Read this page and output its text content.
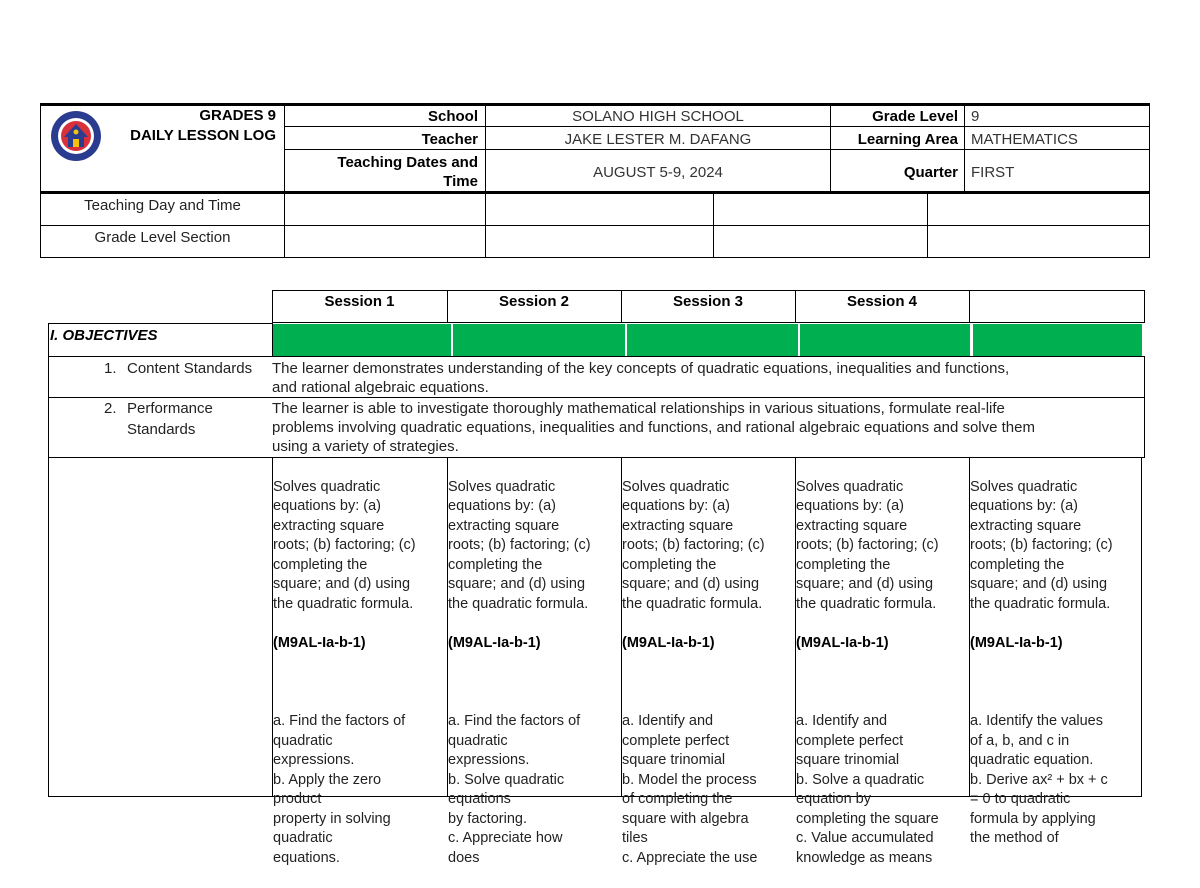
GRADES 9
DAILY LESSON LOG
School	SOLANO HIGH SCHOOL	Grade Level 9
Teacher	JAKE LESTER M. DAFANG	Learning Area MATHEMATICS
Teaching Dates and
Time
AUGUST 5-9, 2024	Quarter FIRST
Teaching Day and Time
Grade Level Section
Session 1	Session 2	Session 3	Session 4
I. OBJECTIVES
1. Content Standards The learner demonstrates understanding of the key concepts of quadratic equations, inequalities and functions,
and rational algebraic equations.
2. Performance
Standards
The learner is able to investigate thoroughly mathematical relationships in various situations, formulate real-life
problems involving quadratic equations, inequalities and functions, and rational algebraic equations and solve them
using a variety of strategies.

Solves quadratic
equations by: (a)
extracting square
roots; (b) factoring; (c)
completing the
square; and (d) using
the quadratic formula.

(M9AL-Ia-b-1)

a. Find the factors of
quadratic
expressions.
b. Apply the zero
product
property in solving
quadratic
equations.

Solves quadratic
equations by: (a)
extracting square
roots; (b) factoring; (c)
completing the
square; and (d) using
the quadratic formula.

(M9AL-Ia-b-1)

a. Find the factors of
quadratic
expressions.
b. Solve quadratic
equations
by factoring.
c. Appreciate how
does

Solves quadratic
equations by: (a)
extracting square
roots; (b) factoring; (c)
completing the
square; and (d) using
the quadratic formula.

(M9AL-Ia-b-1)

a. Identify and
complete perfect
square trinomial
b. Model the process
of completing the
square with algebra
tiles
c. Appreciate the use

Solves quadratic
equations by: (a)
extracting square
roots; (b) factoring; (c)
completing the
square; and (d) using
the quadratic formula.

(M9AL-Ia-b-1)

a. Identify and
complete perfect
square trinomial
b. Solve a quadratic
equation by
completing the square
c. Value accumulated
knowledge as means

Solves quadratic
equations by: (a)
extracting square
roots; (b) factoring; (c)
completing the
square; and (d) using
the quadratic formula.

(M9AL-Ia-b-1)

a. Identify the values
of a, b, and c in
quadratic equation.
b. Derive ax² + bx + c
= 0 to quadratic
formula by applying
the method of
